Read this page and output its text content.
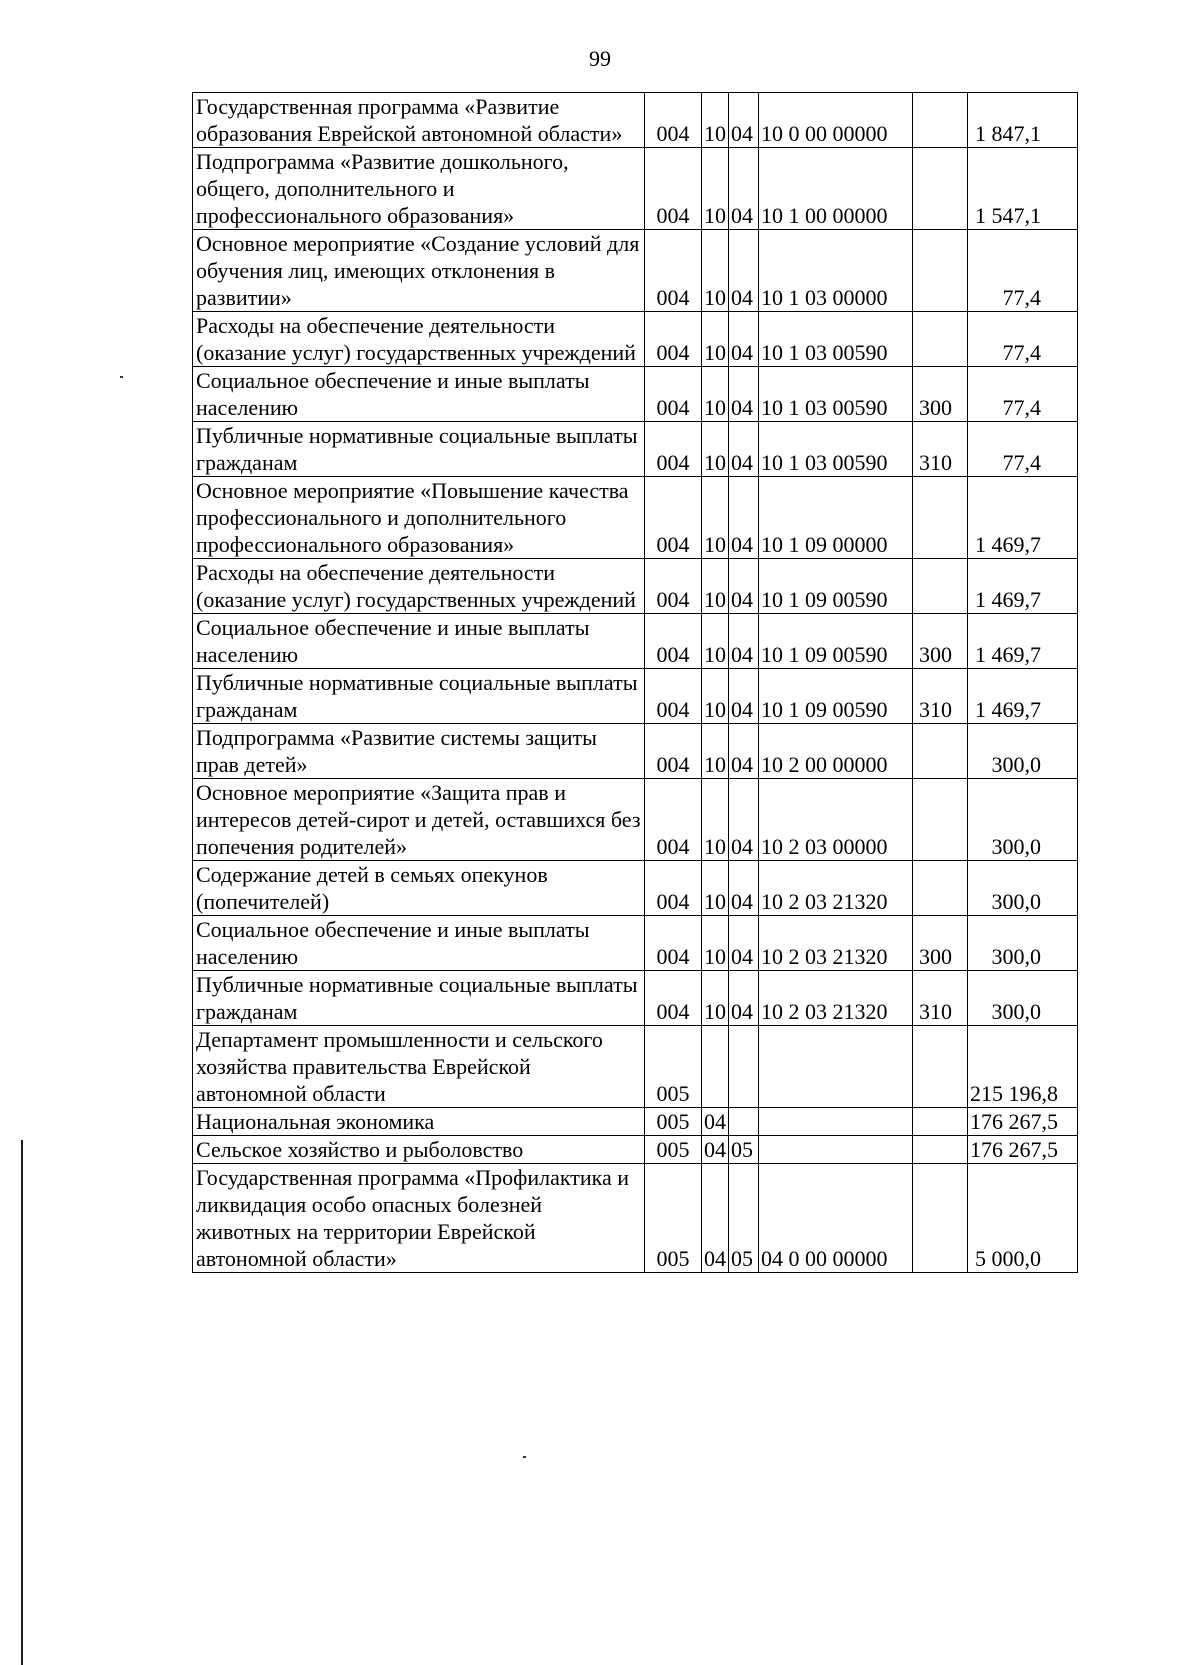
99
Государственная программа «Развитие образования Еврейской автономной области»	004	10	04	10 0 00 00000		1 847,1
Подпрограмма «Развитие дошкольного, общего, дополнительного и профессионального образования»	004	10	04	10 1 00 00000		1 547,1
Основное мероприятие «Создание условий для обучения лиц, имеющих отклонения в развитии»	004	10	04	10 1 03 00000		77,4
Расходы на обеспечение деятельности (оказание услуг) государственных учреждений	004	10	04	10 1 03 00590		77,4
Социальное обеспечение и иные выплаты населению	004	10	04	10 1 03 00590	300	77,4
Публичные нормативные социальные выплаты гражданам	004	10	04	10 1 03 00590	310	77,4
Основное мероприятие «Повышение качества профессионального и дополнительного профессионального образования»	004	10	04	10 1 09 00000		1 469,7
Расходы на обеспечение деятельности (оказание услуг) государственных учреждений	004	10	04	10 1 09 00590		1 469,7
Социальное обеспечение и иные выплаты населению	004	10	04	10 1 09 00590	300	1 469,7
Публичные нормативные социальные выплаты гражданам	004	10	04	10 1 09 00590	310	1 469,7
Подпрограмма «Развитие системы защиты прав детей»	004	10	04	10 2 00 00000		300,0
Основное мероприятие «Защита прав и интересов детей-сирот и детей, оставшихся без попечения родителей»	004	10	04	10 2 03 00000		300,0
Содержание детей в семьях опекунов (попечителей)	004	10	04	10 2 03 21320		300,0
Социальное обеспечение и иные выплаты населению	004	10	04	10 2 03 21320	300	300,0
Публичные нормативные социальные выплаты гражданам	004	10	04	10 2 03 21320	310	300,0
Департамент промышленности и сельского хозяйства правительства Еврейской автономной области	005					215 196,8
Национальная экономика	005	04				176 267,5
Сельское хозяйство и рыболовство	005	04	05			176 267,5
Государственная программа «Профилактика и ликвидация особо опасных болезней животных на территории Еврейской автономной области»	005	04	05	04 0 00 00000		5 000,0
